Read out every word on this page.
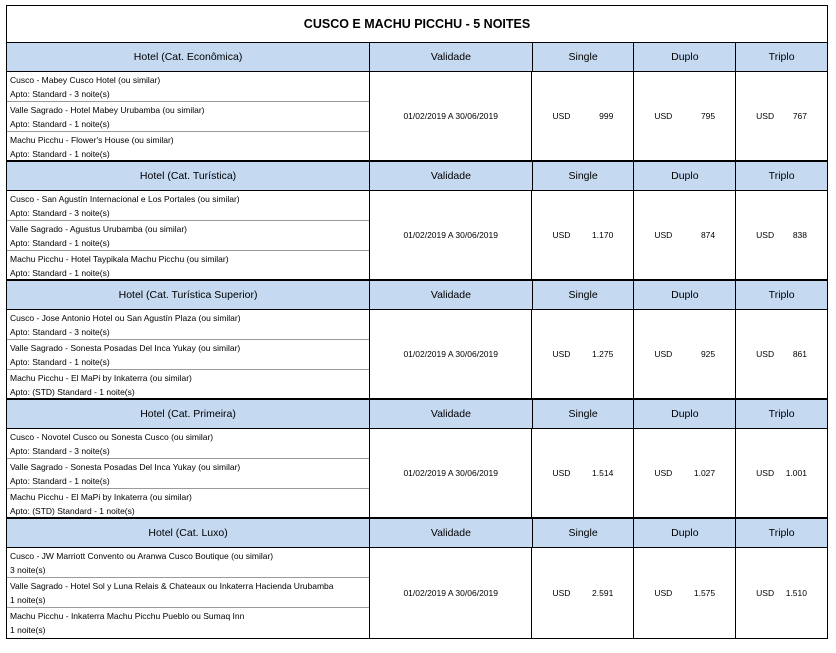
CUSCO E MACHU PICCHU - 5 NOITES
Hotel (Cat. Econômica)	Validade	Single	Duplo	Triplo
Cusco - Mabey Cusco Hotel (ou similar)
Apto: Standard - 3 noite(s)
Valle Sagrado - Hotel Mabey Urubamba (ou similar)
Apto: Standard - 1 noite(s)
Machu Picchu - Flower's House (ou similar)
Apto: Standard - 1 noite(s)
01/02/2019 A 30/06/2019	USD	999	USD	795	USD 767
Hotel (Cat. Turística)	Validade	Single	Duplo	Triplo
Cusco - San Agustín Internacional e Los Portales (ou similar)
Apto: Standard - 3 noite(s)
Valle Sagrado - Agustus Urubamba (ou similar)
Apto: Standard - 1 noite(s)
Machu Picchu - Hotel Taypikala Machu Picchu (ou similar)
Apto: Standard - 1 noite(s)
01/02/2019 A 30/06/2019	USD	1.170	USD	874	USD 838
Hotel (Cat. Turística Superior)	Validade	Single	Duplo	Triplo
Cusco - Jose Antonio Hotel ou San Agustín Plaza (ou similar)
Apto: Standard - 3 noite(s)
Valle Sagrado - Sonesta Posadas Del Inca Yukay (ou similar)
Apto: Standard - 1 noite(s)
Machu Picchu - El MaPi by Inkaterra (ou similar)
Apto: (STD) Standard - 1 noite(s)
01/02/2019 A 30/06/2019	USD	1.275	USD	925	USD 861
Hotel (Cat. Primeira)	Validade	Single	Duplo	Triplo
Cusco - Novotel Cusco ou Sonesta Cusco (ou similar)
Apto: Standard - 3 noite(s)
Valle Sagrado - Sonesta Posadas Del Inca Yukay (ou similar)
Apto: Standard - 1 noite(s)
Machu Picchu - El MaPi by Inkaterra (ou similar)
Apto: (STD) Standard - 1 noite(s)
01/02/2019 A 30/06/2019	USD	1.514	USD	1.027	USD 1.001
Hotel (Cat. Luxo)	Validade	Single	Duplo	Triplo
Cusco - JW Marriott Convento ou Aranwa Cusco Boutique (ou similar)
3 noite(s)
Valle Sagrado - Hotel Sol y Luna Relais & Chateaux ou Inkaterra Hacienda Urubamba
1 noite(s)
Machu Picchu - Inkaterra Machu Picchu Pueblo ou Sumaq Inn
1 noite(s)
01/02/2019 A 30/06/2019	USD	2.591	USD	1.575	USD 1.510
